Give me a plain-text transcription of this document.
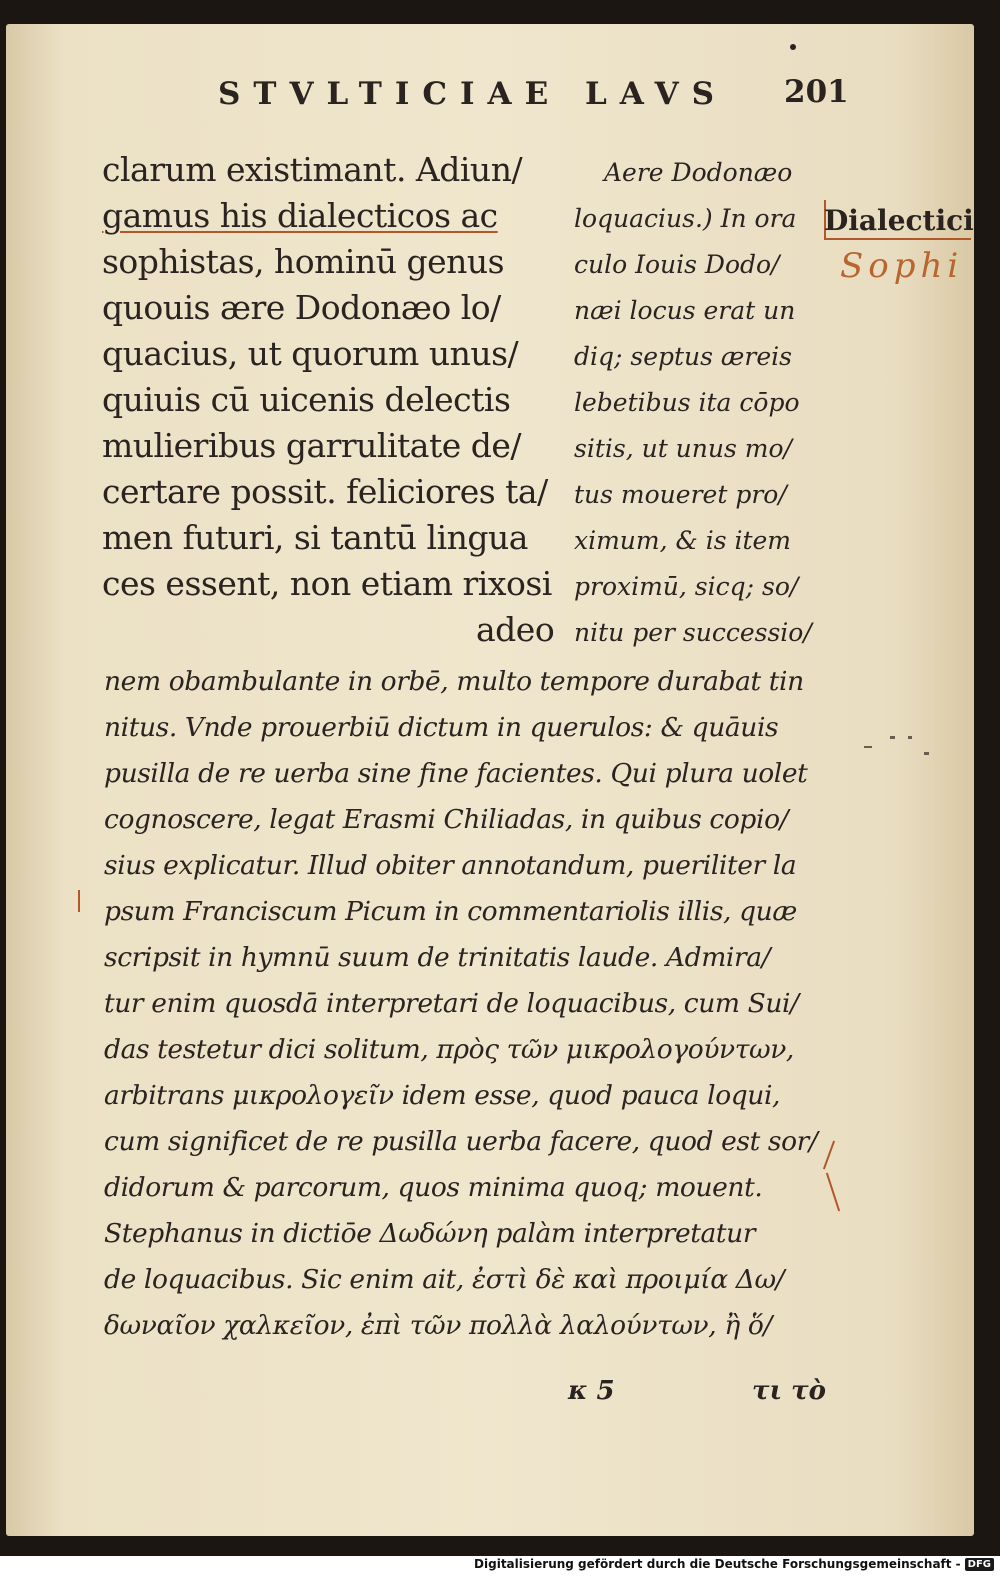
STVLTICIAE LAVS 201
clarum existimant. Adiun/
gamus his dialecticos ac
sophistas, hominū genus
quouis ære Dodonæo lo/
quacius, ut quorum unus/
quiuis cū uicenis delectis
mulieribus garrulitate de/
certare possit. feliciores ta/
men futuri, si tantū lingua
ces essent, non etiam rixosi
adeo
Aere Dodonæo
loquacius.) In ora
culo Iouis Dodo/
næi locus erat un
diq; septus æreis
lebetibus ita cōpo
sitis, ut unus mo/
tus moueret pro/
ximum, & is item
proximū, sicq; so/
nitu per successio/
nem obambulante in orbē, multo tempore durabat tin
nitus. Vnde prouerbiū dictum in querulos: & quāuis
pusilla de re uerba sine fine facientes. Qui plura uolet
cognoscere, legat Erasmi Chiliadas, in quibus copio/
sius explicatur. Illud obiter annotandum, pueriliter la
psum Franciscum Picum in commentariolis illis, quæ
scripsit in hymnū suum de trinitatis laude. Admira/
tur enim quosdā interpretari de loquacibus, cum Sui/
das testetur dici solitum, πρὸς τῶν μικρολογούντων,
arbitrans μικρολογεῖν idem esse, quod pauca loqui,
cum significet de re pusilla uerba facere, quod est sor/
didorum & parcorum, quos minima quoq; mouent.
Stephanus in dictiōe Δωδώνη palàm interpretatur
de loquacibus. Sic enim ait, ἐστὶ δὲ καὶ προιμία Δω/
δωναῖον χαλκεῖον, ἐπὶ τῶν πολλὰ λαλούντων, ἢ ὅ/
Dialectici
Sophi
κ 5	τι τὸ
Digitalisierung gefördert durch die Deutsche Forschungsgemeinschaft - DFG
